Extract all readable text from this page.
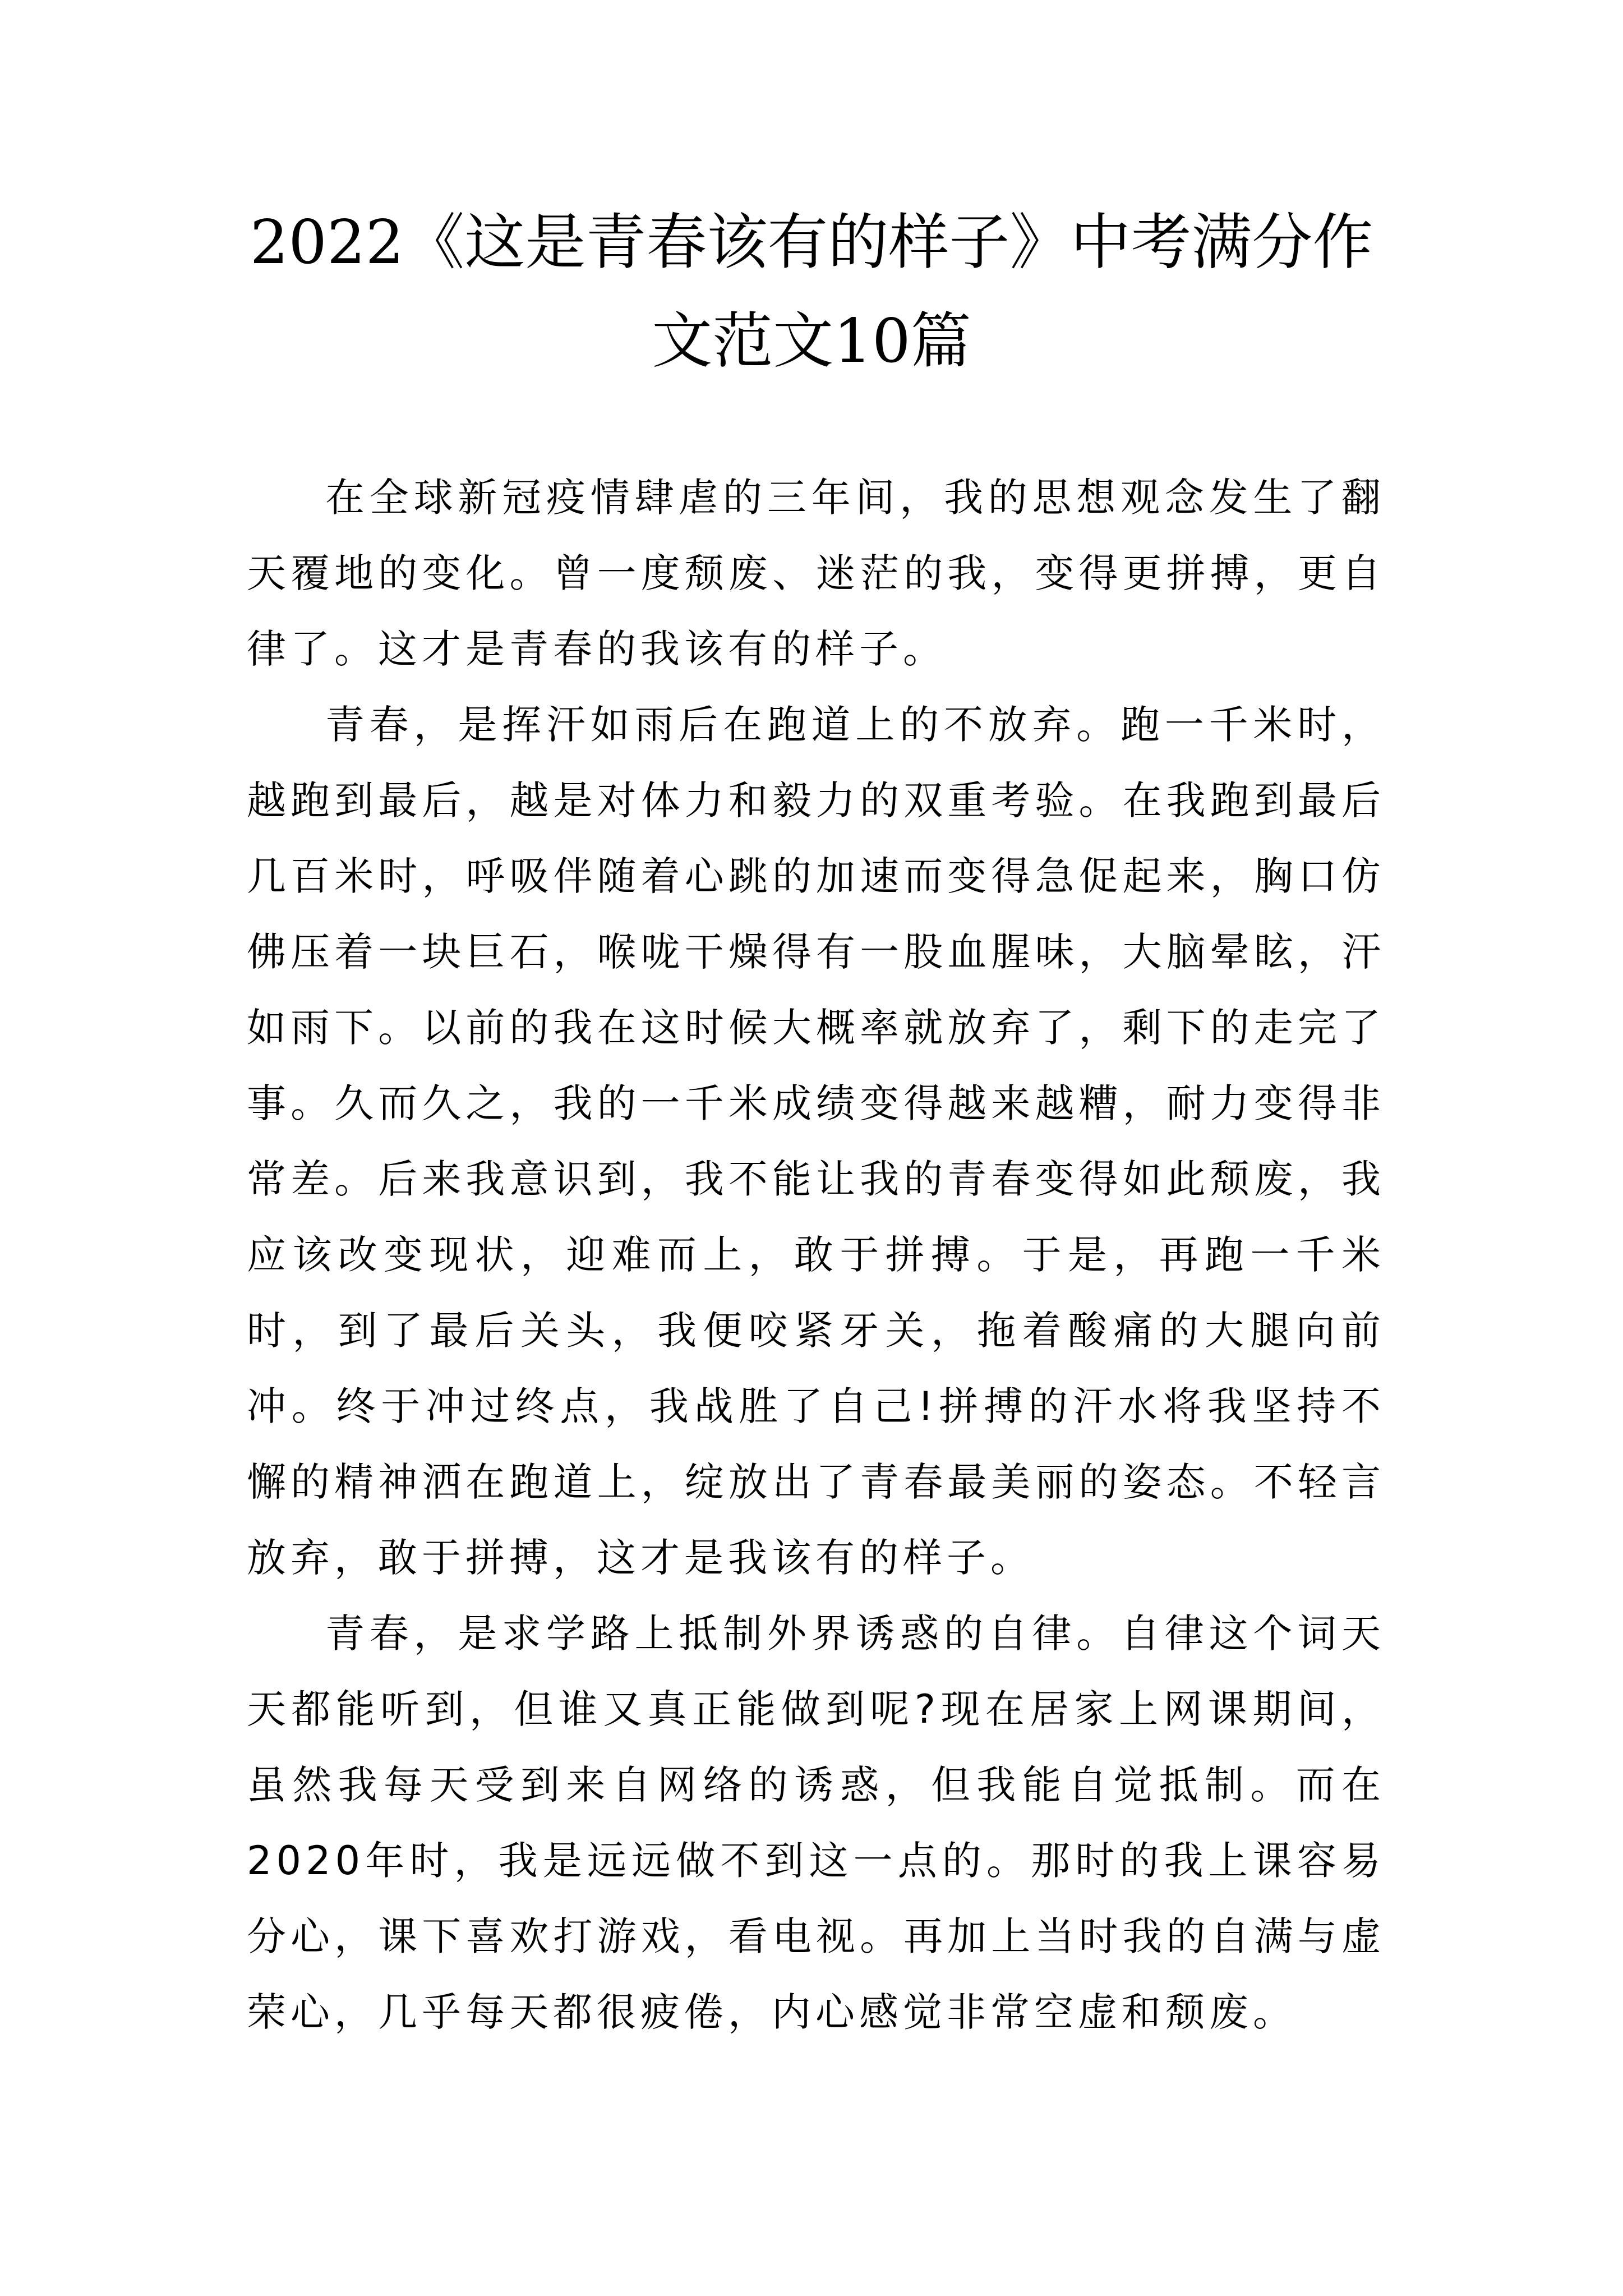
2022《这是青春该有的样子》中考满分作文范文10篇

在全球新冠疫情肆虐的三年间，我的思想观念发生了翻天覆地的变化。曾一度颓废、迷茫的我，变得更拼搏，更自律了。这才是青春的我该有的样子。

青春，是挥汗如雨后在跑道上的不放弃。跑一千米时，越跑到最后，越是对体力和毅力的双重考验。在我跑到最后几百米时，呼吸伴随着心跳的加速而变得急促起来，胸口仿佛压着一块巨石，喉咙干燥得有一股血腥味，大脑晕眩，汗如雨下。以前的我在这时候大概率就放弃了，剩下的走完了事。久而久之，我的一千米成绩变得越来越糟，耐力变得非常差。后来我意识到，我不能让我的青春变得如此颓废，我应该改变现状，迎难而上，敢于拼搏。于是，再跑一千米时，到了最后关头，我便咬紧牙关，拖着酸痛的大腿向前冲。终于冲过终点，我战胜了自己!拼搏的汗水将我坚持不懈的精神洒在跑道上，绽放出了青春最美丽的姿态。不轻言放弃，敢于拼搏，这才是我该有的样子。

青春，是求学路上抵制外界诱惑的自律。自律这个词天天都能听到，但谁又真正能做到呢?现在居家上网课期间，虽然我每天受到来自网络的诱惑，但我能自觉抵制。而在2020年时，我是远远做不到这一点的。那时的我上课容易分心，课下喜欢打游戏，看电视。再加上当时我的自满与虚荣心，几乎每天都很疲倦，内心感觉非常空虚和颓废。
